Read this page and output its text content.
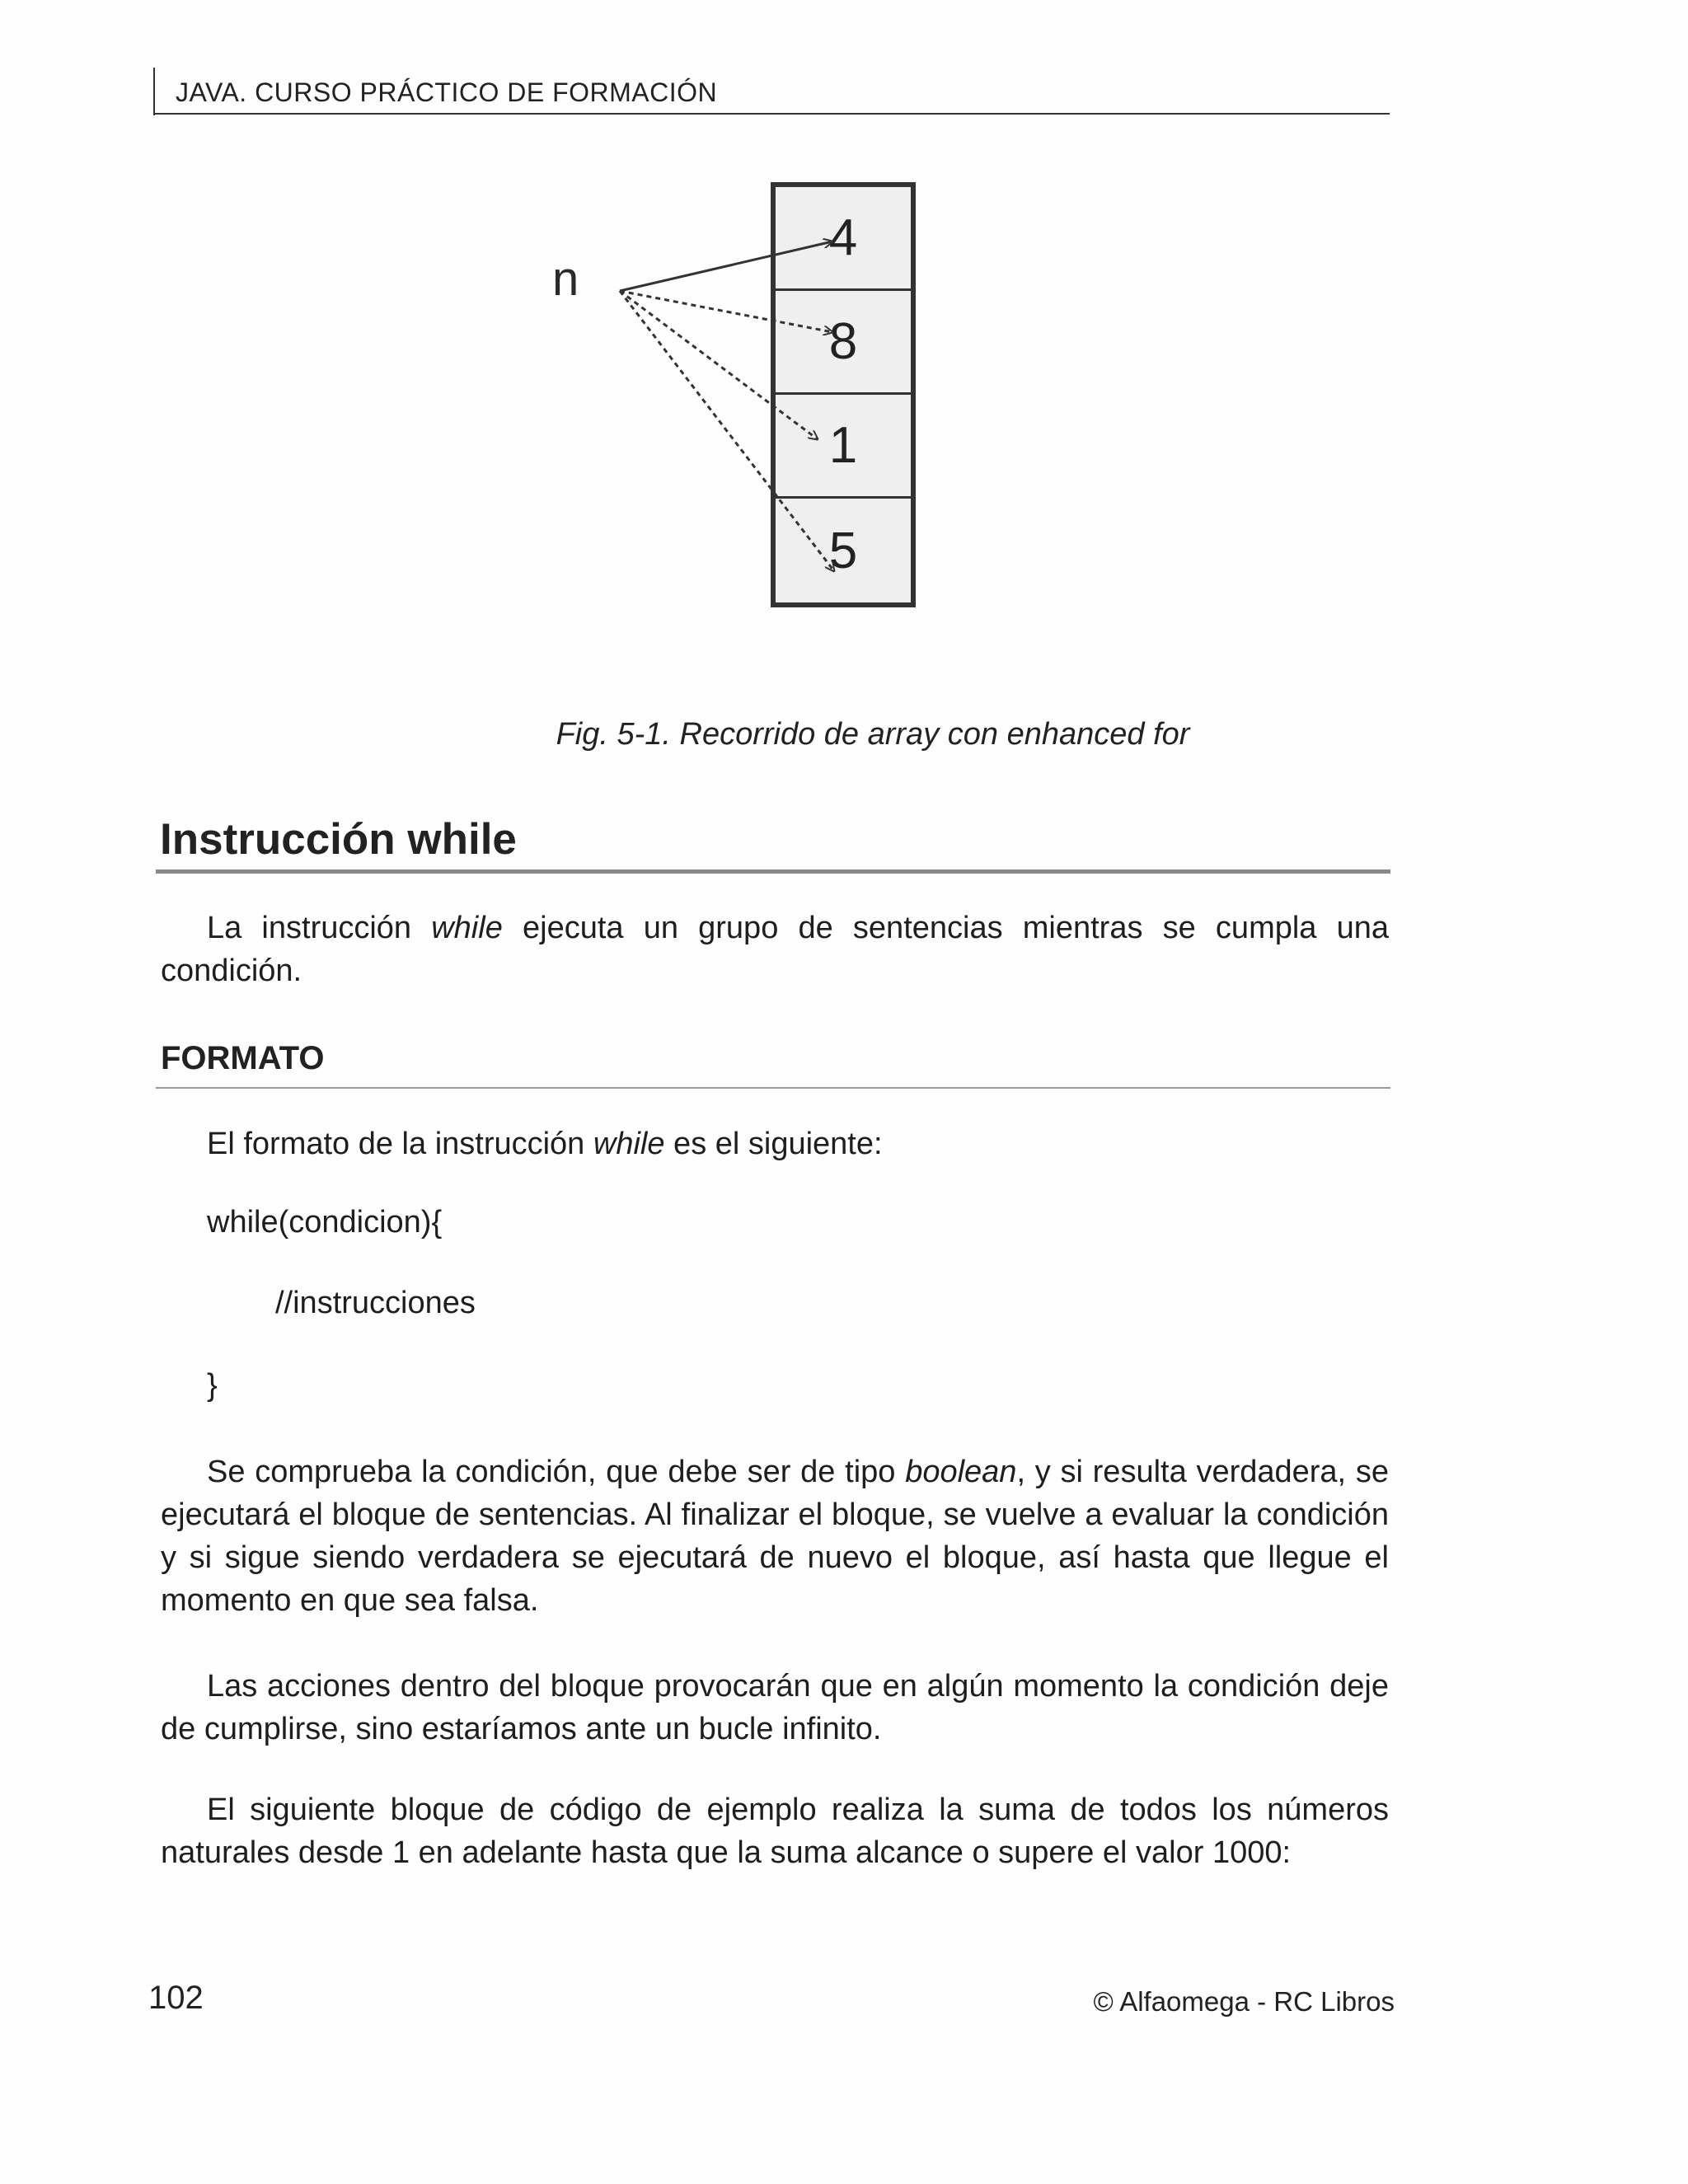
JAVA. CURSO PRÁCTICO DE FORMACIÓN
n
4
8
1
5
Fig. 5-1. Recorrido de array con enhanced for
Instrucción while
La instrucción while ejecuta un grupo de sentencias mientras se cumpla una condición.
FORMATO
El formato de la instrucción while es el siguiente:
while(condicion){
//instrucciones
}
Se comprueba la condición, que debe ser de tipo boolean, y si resulta verdadera, se ejecutará el bloque de sentencias. Al finalizar el bloque, se vuelve a evaluar la condición y si sigue siendo verdadera se ejecutará de nuevo el bloque, así hasta que llegue el momento en que sea falsa.
Las acciones dentro del bloque provocarán que en algún momento la condición deje de cumplirse, sino estaríamos ante un bucle infinito.
El siguiente bloque de código de ejemplo realiza la suma de todos los números naturales desde 1 en adelante hasta que la suma alcance o supere el valor 1000:
102	© Alfaomega - RC Libros
